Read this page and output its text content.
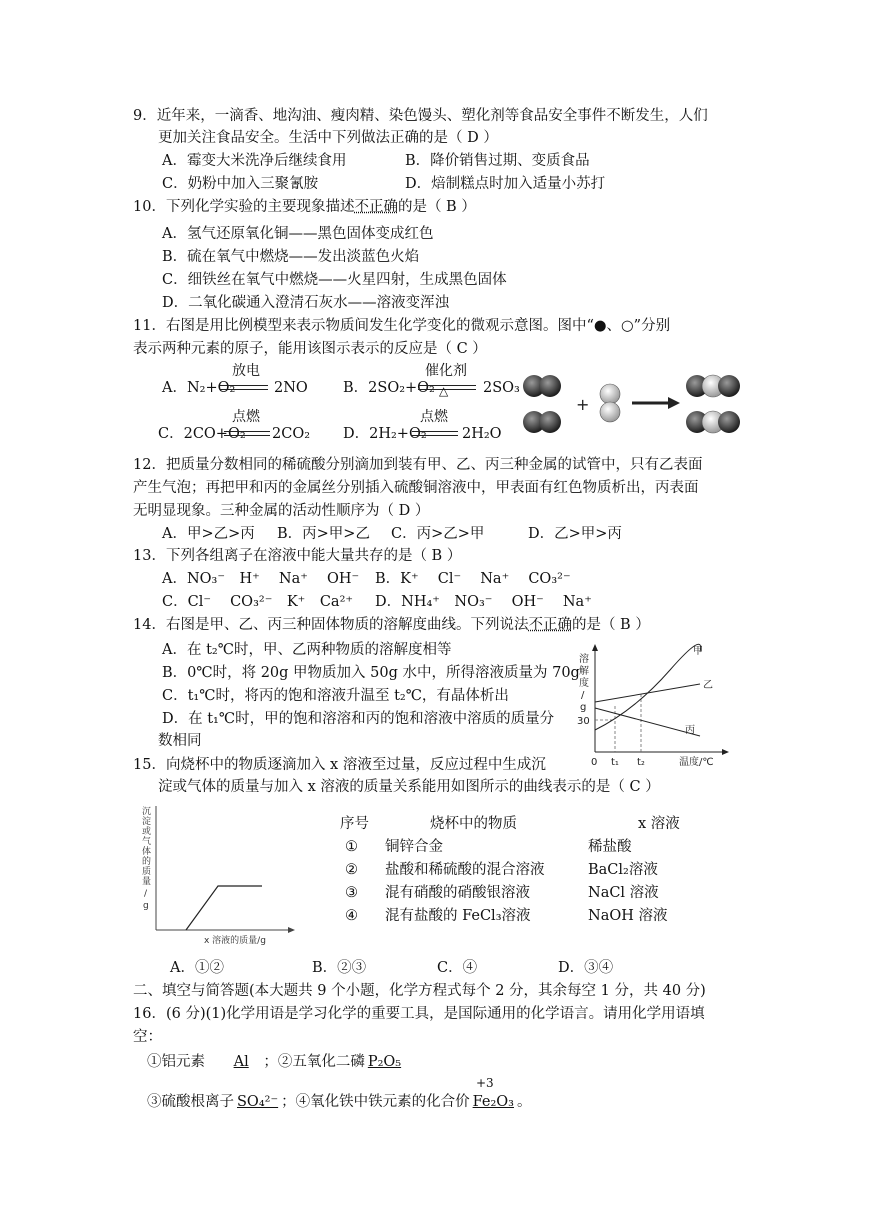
9．近年来，一滴香、地沟油、瘦肉精、染色馒头、塑化剂等食品安全事件不断发生，人们
更加关注食品安全。生活中下列做法正确的是（ D ）
A．霉变大米洗净后继续食用	B．降价销售过期、变质食品
C．奶粉中加入三聚氰胺	D．焙制糕点时加入适量小苏打
10．下列化学实验的主要现象描述不正确的是（ B ）
A．氢气还原氧化铜——黑色固体变成红色
B．硫在氧气中燃烧——发出淡蓝色火焰
C．细铁丝在氧气中燃烧——火星四射，生成黑色固体
D．二氧化碳通入澄清石灰水——溶液变浑浊
11．右图是用比例模型来表示物质间发生化学变化的微观示意图。图中“●、○”分别
表示两种元素的原子，能用该图示表示的反应是（ C ）
A．N₂+O₂
放电
2NO B．2SO₂+O₂
催化剂
△ 2SO₃
C．2CO+O₂
点燃
2CO₂ D．2H₂+O₂
点燃
2H₂O
+
12．把质量分数相同的稀硫酸分别滴加到装有甲、乙、丙三种金属的试管中，只有乙表面
产生气泡；再把甲和丙的金属丝分别插入硫酸铜溶液中，甲表面有红色物质析出，丙表面
无明显现象。三种金属的活动性顺序为（ D ）
A．甲>乙>丙 B．丙>甲>乙 C．丙>乙>甲	D．乙>甲>丙
13．下列各组离子在溶液中能大量共存的是（ B ）
A．NO₃⁻　H⁺　 Na⁺　 OH⁻ B．K⁺　 Cl⁻　 Na⁺　 CO₃²⁻
C．Cl⁻　 CO₃²⁻　K⁺　Ca²⁺ D．NH₄⁺　NO₃⁻　 OH⁻　 Na⁺
14．右图是甲、乙、丙三种固体物质的溶解度曲线。下列说法不正确的是（ B ）
A．在 t₂℃时，甲、乙两种物质的溶解度相等
B．0℃时，将 20g 甲物质加入 50g 水中，所得溶液质量为 70g
C．t₁℃时，将丙的饱和溶液升温至 t₂℃，有晶体析出
D．在 t₁℃时，甲的饱和溶溶和丙的饱和溶液中溶质的质量分
数相同
溶
解
度
/
g
30
0 t₁ t₂	温度/℃
甲
乙
丙
15．向烧杯中的物质逐滴加入 x 溶液至过量，反应过程中生成沉
淀或气体的质量与加入 x 溶液的质量关系能用如图所示的曲线表示的是（ C ）
沉
淀
或
气
体
的
质
量
/
g
x 溶液的质量/g
序号	烧杯中的物质	x 溶液
① 铜锌合金	稀盐酸
② 盐酸和稀硫酸的混合溶液	BaCl₂溶液
③ 混有硝酸的硝酸银溶液	NaCl 溶液
④ 混有盐酸的 FeCl₃溶液	NaOH 溶液
A．①②	B．②③	C．④	D．③④
二、填空与简答题(本大题共 9 个小题，化学方程式每个 2 分，其余每空 1 分，共 40 分)
16．(6 分)(1)化学用语是学习化学的重要工具，是国际通用的化学语言。请用化学用语填
空：
①铝元素 Al ；②五氧化二磷 P₂O₅
+3
③硫酸根离子 SO₄²⁻ ；④氧化铁中铁元素的化合价 Fe₂O₃ 。
